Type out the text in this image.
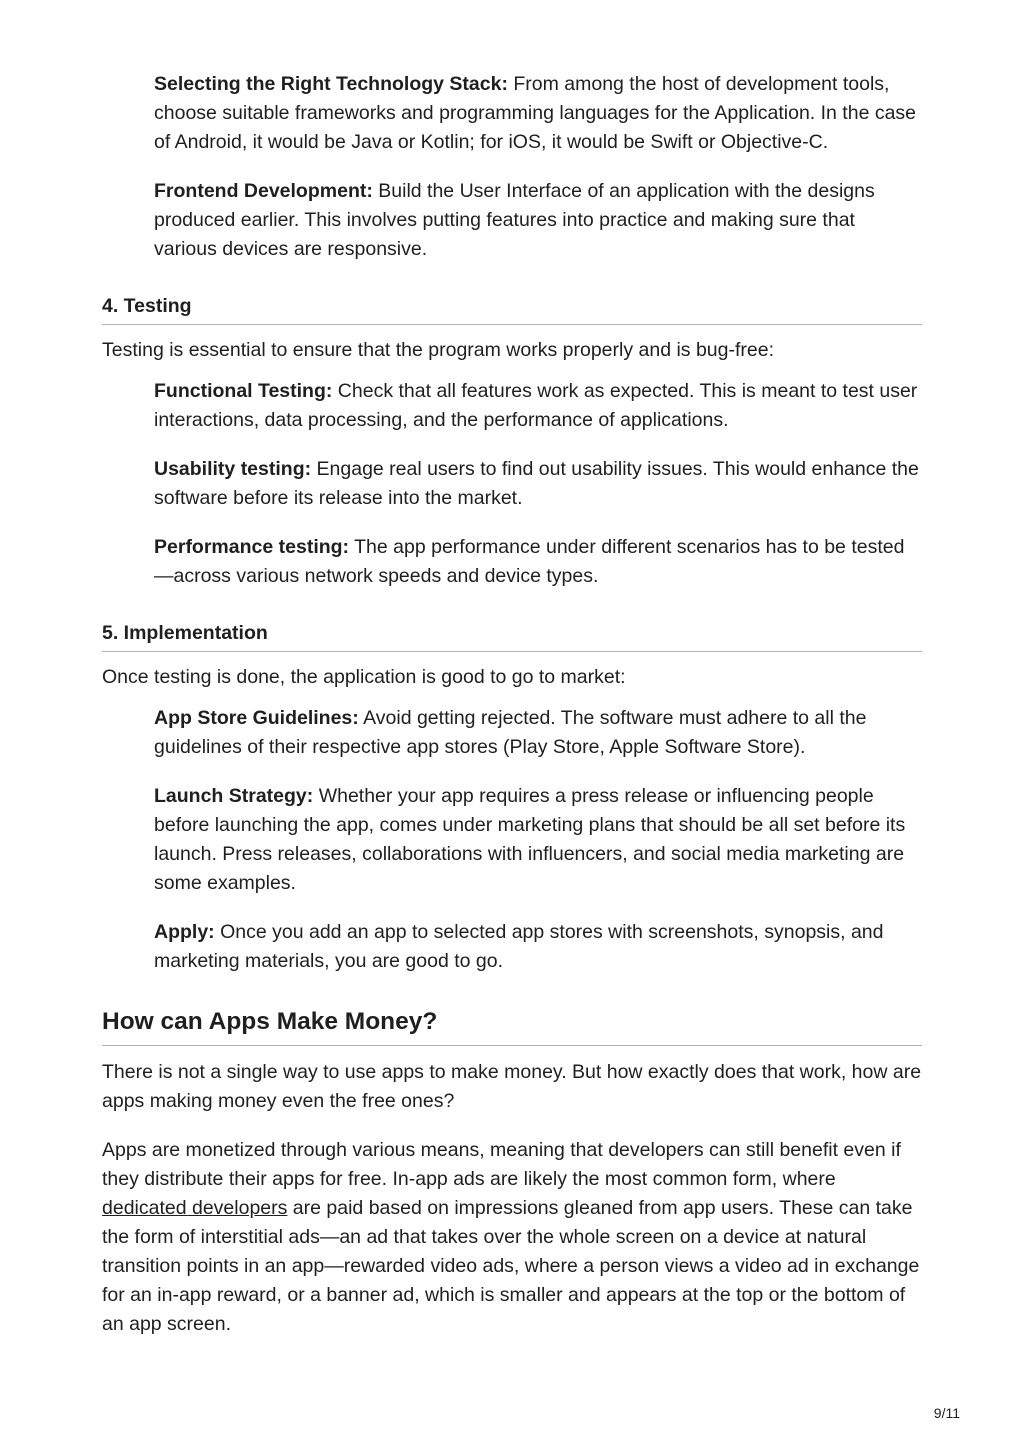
Selecting the Right Technology Stack: From among the host of development tools, choose suitable frameworks and programming languages for the Application. In the case of Android, it would be Java or Kotlin; for iOS, it would be Swift or Objective-C.
Frontend Development: Build the User Interface of an application with the designs produced earlier. This involves putting features into practice and making sure that various devices are responsive.
4. Testing
Testing is essential to ensure that the program works properly and is bug-free:
Functional Testing: Check that all features work as expected. This is meant to test user interactions, data processing, and the performance of applications.
Usability testing: Engage real users to find out usability issues. This would enhance the software before its release into the market.
Performance testing: The app performance under different scenarios has to be tested—across various network speeds and device types.
5. Implementation
Once testing is done, the application is good to go to market:
App Store Guidelines: Avoid getting rejected. The software must adhere to all the guidelines of their respective app stores (Play Store, Apple Software Store).
Launch Strategy: Whether your app requires a press release or influencing people before launching the app, comes under marketing plans that should be all set before its launch. Press releases, collaborations with influencers, and social media marketing are some examples.
Apply: Once you add an app to selected app stores with screenshots, synopsis, and marketing materials, you are good to go.
How can Apps Make Money?
There is not a single way to use apps to make money. But how exactly does that work, how are apps making money even the free ones?
Apps are monetized through various means, meaning that developers can still benefit even if they distribute their apps for free. In-app ads are likely the most common form, where dedicated developers are paid based on impressions gleaned from app users. These can take the form of interstitial ads—an ad that takes over the whole screen on a device at natural transition points in an app—rewarded video ads, where a person views a video ad in exchange for an in-app reward, or a banner ad, which is smaller and appears at the top or the bottom of an app screen.
9/11
